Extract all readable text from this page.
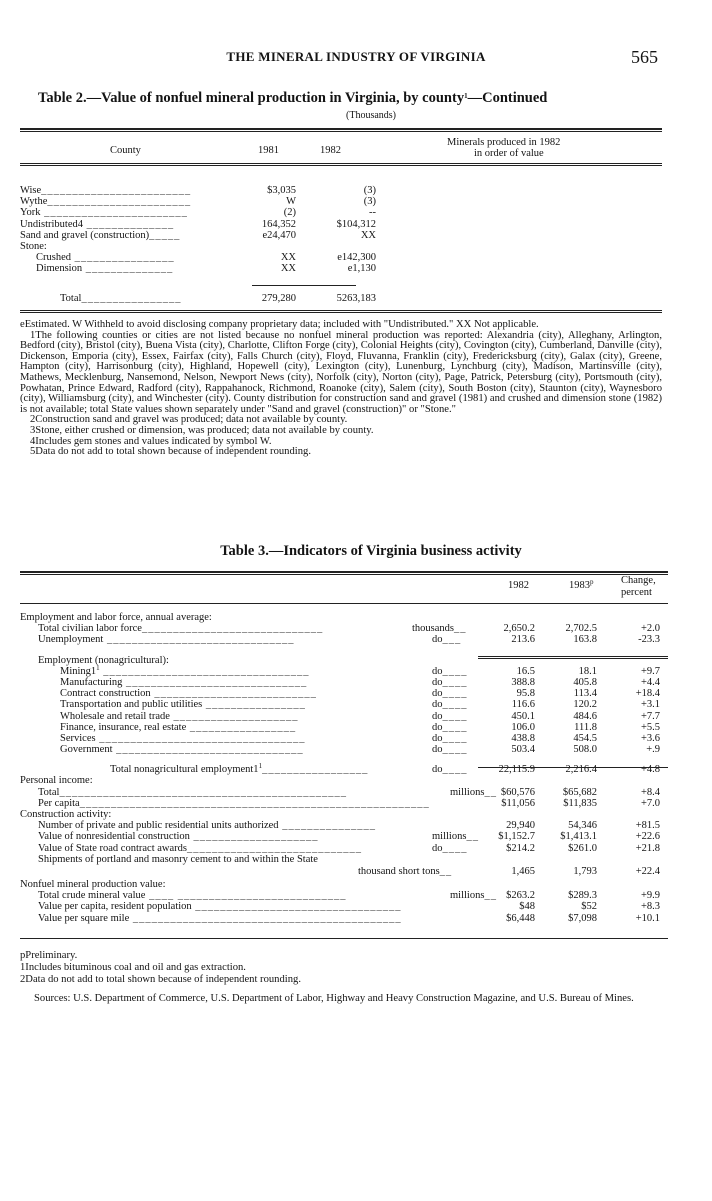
THE MINERAL INDUSTRY OF VIRGINIA	565
Table 2.—Value of nonfuel mineral production in Virginia, by county$^1$—Continued
(Thousands)
County	1981	1982
Minerals produced in 1982
in order of value
Wise________________________	$3,035	(3)
Wythe_______________________	W	(3)
York _______________________	(2)	--
Undistributed4 ______________	164,352	$104,312
Sand and gravel (construction)_____	e24,470	XX
Stone:
Crushed ________________	XX	e142,300
Dimension ______________	XX	e1,130
Total________________	279,280	5263,183

eEstimated. W Withheld to avoid disclosing company proprietary data; included with "Undistributed." XX Not applicable.

1The following counties or cities are not listed because no nonfuel mineral production was reported: Alexandria (city), Alleghany, Arlington, Bedford (city), Bristol (city), Buena Vista (city), Charlotte, Clifton Forge (city), Colonial Heights (city), Covington (city), Cumberland, Danville (city), Dickenson, Emporia (city), Essex, Fairfax (city), Falls Church (city), Floyd, Fluvanna, Franklin (city), Fredericksburg (city), Galax (city), Greene, Hampton (city), Harrisonburg (city), Highland, Hopewell (city), Lexington (city), Lunenburg, Lynchburg (city), Madison, Martinsville (city), Mathews, Mecklenburg, Nansemond, Nelson, Newport News (city), Norfolk (city), Norton (city), Page, Patrick, Petersburg (city), Portsmouth (city), Powhatan, Prince Edward, Radford (city), Rappahanock, Richmond, Roanoke (city), Salem (city), South Boston (city), Staunton (city), Waynesboro (city), Williamsburg (city), and Winchester (city). County distribution for construction sand and gravel (1981) and crushed and dimension stone (1982) is not available; total State values shown separately under "Sand and gravel (construction)" or "Stone."

2Construction sand and gravel was produced; data not available by county.

3Stone, either crushed or dimension, was produced; data not available by county.

4Includes gem stones and values indicated by symbol W.

5Data do not add to total shown because of independent rounding.

Table 3.—Indicators of Virginia business activity
1982	1983$^p$	Change,
percent
Employment and labor force, annual average:
Total civilian labor force_____________________________	thousands__	2,650.2	2,702.5	+2.0
Unemployment ______________________________	do___	213.6	163.8	-23.3
Employment (nonagricultural):
$Mining1^1$ _________________________________	do____	16.5	18.1	+9.7
Manufacturing _____________________________	do____	388.8	405.8	+4.4
Contract construction __________________________	do____	95.8	113.4	+18.4
Transportation and public utilities ________________	do____	116.6	120.2	+3.1
Wholesale and retail trade ____________________	do____	450.1	484.6	+7.7
Finance, insurance, real estate _________________	do____	106.0	111.8	+5.5
Services _________________________________	do____	438.8	454.5	+3.6
Government ______________________________	do____	503.4	508.0	+.9
Total nonagricultural $employment1^1\_\_\_\_\_\_\_\_\_\_\_\_\_\_\_\_\_$	do____	22,115.9	2,216.4	+4.8
Personal income:
Total______________________________________________	millions__ $60,576	$65,682	+8.4
Per capita________________________________________________________	$11,056	$11,835	+7.0
Construction activity:
Number of private and public residential units authorized _______________	29,940	54,346	+81.5
Value of nonresidential construction ____________________	millions__ $1,152.7 $1,413.1	+22.6
Value of State road contract awards____________________________	do____	$214.2	$261.0	+21.8
Shipments of portland and masonry cement to and within the State
thousand short tons__	1,465	1,793	+22.4
Nonfuel mineral production value:
Total crude mineral value ____ ___________________________	millions__ $263.2	$289.3	+9.9
Value per capita, resident population _________________________________	$48	$52	+8.3
Value per square mile ___________________________________________	$6,448	$7,098	+10.1

pPreliminary.

1Includes bituminous coal and oil and gas extraction.

2Data do not add to total shown because of independent rounding.

Sources: U.S. Department of Commerce, U.S. Department of Labor, Highway and Heavy Construction Magazine, and U.S. Bureau of Mines.
